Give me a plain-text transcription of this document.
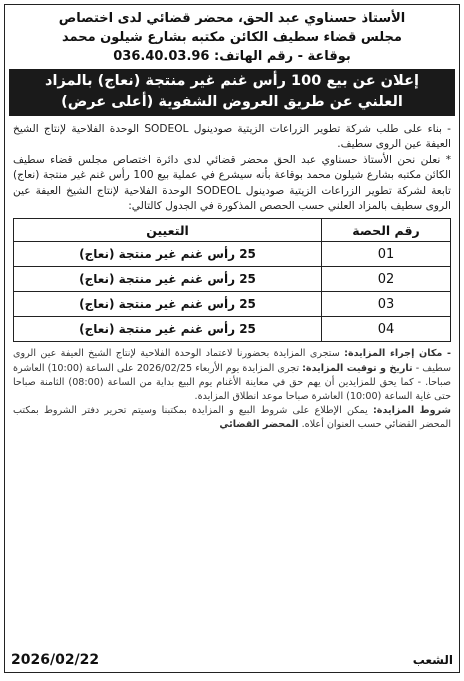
الأستاذ حسناوي عبد الحق، محضر قضائي لدى اختصاص
مجلس قضاء سطيف الكائن مكتبه بشارع شيلون محمد
بوقاعة - رقم الهاتف: 036.40.03.96
إعلان عن بيع 100 رأس غنم غير منتجة (نعاج) بالمزاد
العلني عن طريق العروض الشفوية (أعلى عرض)

- بناء على طلب شركة تطوير الزراعات الزيتية صودينول SODEOL الوحدة الفلاحية لإنتاج الشيخ العيفة عين الروى سطيف.

* نعلن نحن الأستاذ حسناوي عبد الحق محضر قضائي لدى دائرة اختصاص مجلس قضاء سطيف الكائن مكتبه بشارع شيلون محمد بوقاعة بأنه سيشرع في عملية بيع 100 رأس غنم غير منتجة (نعاج) تابعة لشركة تطوير الزراعات الزيتية صودينول SODEOL الوحدة الفلاحية لإنتاج الشيخ العيفة عين الروى سطيف بالمزاد العلني حسب الحصص المذكورة في الجدول كالتالي:

رقم الحصة	التعيين
01	25 رأس غنم غير منتجة (نعاج)
02	25 رأس غنم غير منتجة (نعاج)
03	25 رأس غنم غير منتجة (نعاج)
04	25 رأس غنم غير منتجة (نعاج)

- مكان إجراء المزايدة: ستجرى المزايدة بحضورنا لاعتماد الوحدة الفلاحية لإنتاج الشيخ العيفة عين الروى سطيف - تاريخ و توقيت المزايدة: تجرى المزايدة يوم الأربعاء 2026/02/25 على الساعة (10:00) العاشرة صباحا. - كما يحق للمزايدين أن يهم حق في معاينة الأغنام يوم البيع بداية من الساعة (08:00) الثامنة صباحا حتى غاية الساعة (10:00) العاشرة صباحا موعد انطلاق المزايدة.

شروط المزايدة: يمكن الإطلاع على شروط البيع و المزايدة بمكتبنا وسيتم تحرير دفتر الشروط بمكتب المحضر القضائي حسب العنوان أعلاه. المحضر القضائي

الشعب
2026/02/22
